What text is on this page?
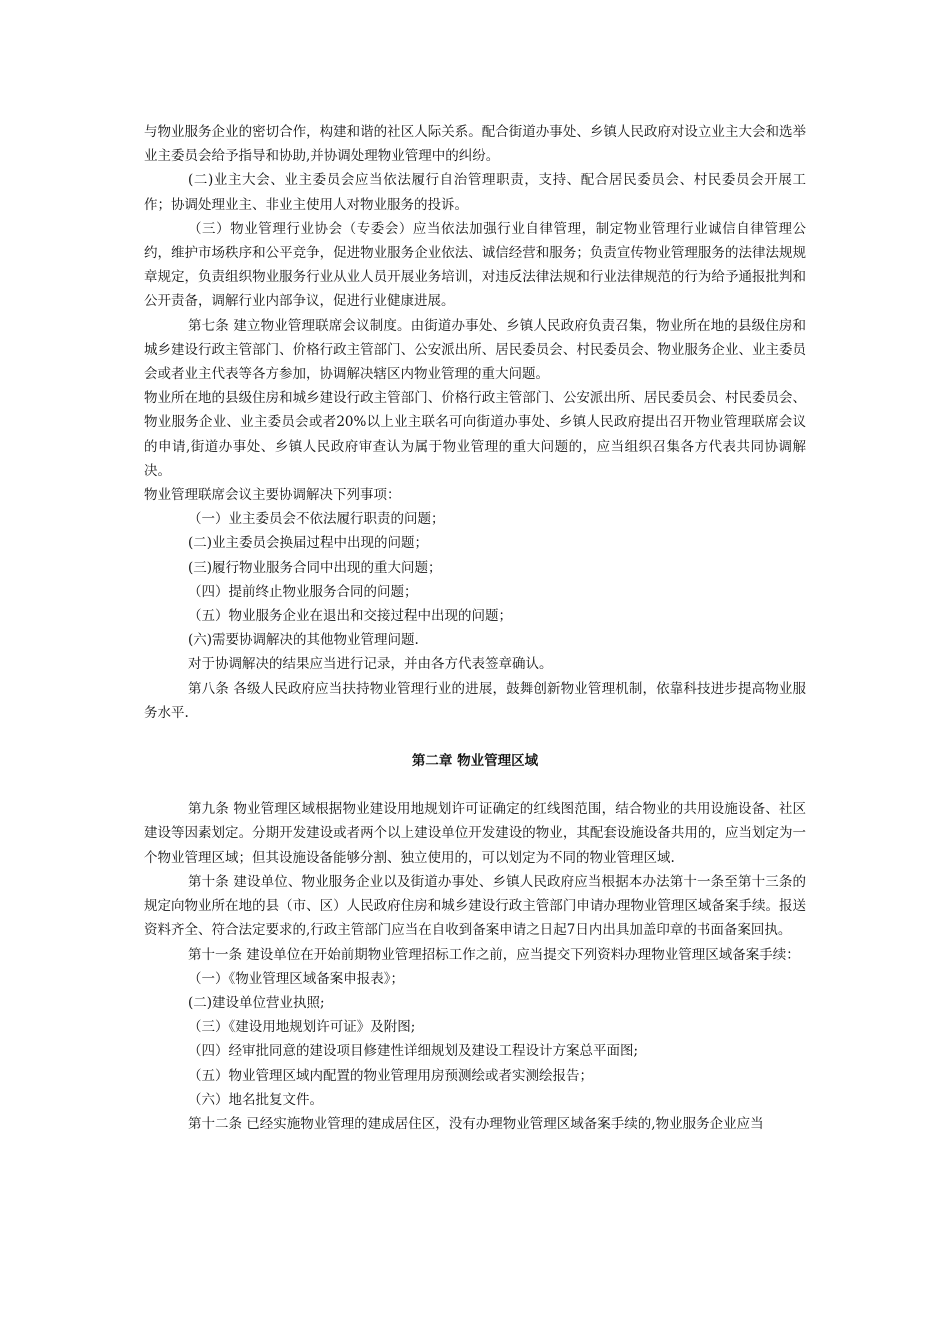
与物业服务企业的密切合作，构建和谐的社区人际关系。配合街道办事处、乡镇人民政府对设立业主大会和选举业主委员会给予指导和协助,并协调处理物业管理中的纠纷。

(二)业主大会、业主委员会应当依法履行自治管理职责，支持、配合居民委员会、村民委员会开展工作；协调处理业主、非业主使用人对物业服务的投诉。

（三）物业管理行业协会（专委会）应当依法加强行业自律管理，制定物业管理行业诚信自律管理公约，维护市场秩序和公平竞争，促进物业服务企业依法、诚信经营和服务；负责宣传物业管理服务的法律法规规章规定，负责组织物业服务行业从业人员开展业务培训，对违反法律法规和行业法律规范的行为给予通报批判和公开责备，调解行业内部争议，促进行业健康进展。

第七条 建立物业管理联席会议制度。由街道办事处、乡镇人民政府负责召集，物业所在地的县级住房和城乡建设行政主管部门、价格行政主管部门、公安派出所、居民委员会、村民委员会、物业服务企业、业主委员会或者业主代表等各方参加，协调解决辖区内物业管理的重大问题。

物业所在地的县级住房和城乡建设行政主管部门、价格行政主管部门、公安派出所、居民委员会、村民委员会、物业服务企业、业主委员会或者20%以上业主联名可向街道办事处、乡镇人民政府提出召开物业管理联席会议的申请,街道办事处、乡镇人民政府审查认为属于物业管理的重大问题的，应当组织召集各方代表共同协调解决。

物业管理联席会议主要协调解决下列事项：

（一）业主委员会不依法履行职责的问题；

(二)业主委员会换届过程中出现的问题；

(三)履行物业服务合同中出现的重大问题；

（四）提前终止物业服务合同的问题；

（五）物业服务企业在退出和交接过程中出现的问题；

(六)需要协调解决的其他物业管理问题.

对于协调解决的结果应当进行记录，并由各方代表签章确认。

第八条 各级人民政府应当扶持物业管理行业的进展，鼓舞创新物业管理机制，依靠科技进步提高物业服务水平.

第二章 物业管理区域

第九条 物业管理区域根据物业建设用地规划许可证确定的红线图范围，结合物业的共用设施设备、社区建设等因素划定。分期开发建设或者两个以上建设单位开发建设的物业，其配套设施设备共用的，应当划定为一个物业管理区域；但其设施设备能够分割、独立使用的，可以划定为不同的物业管理区域.

第十条 建设单位、物业服务企业以及街道办事处、乡镇人民政府应当根据本办法第十一条至第十三条的规定向物业所在地的县（市、区）人民政府住房和城乡建设行政主管部门申请办理物业管理区域备案手续。报送资料齐全、符合法定要求的,行政主管部门应当在自收到备案申请之日起7日内出具加盖印章的书面备案回执。

第十一条 建设单位在开始前期物业管理招标工作之前，应当提交下列资料办理物业管理区域备案手续：

（一）《物业管理区域备案申报表》；

(二)建设单位营业执照;

（三）《建设用地规划许可证》及附图;

（四）经审批同意的建设项目修建性详细规划及建设工程设计方案总平面图;

（五）物业管理区域内配置的物业管理用房预测绘或者实测绘报告；

（六）地名批复文件。

第十二条 已经实施物业管理的建成居住区，没有办理物业管理区域备案手续的,物业服务企业应当
